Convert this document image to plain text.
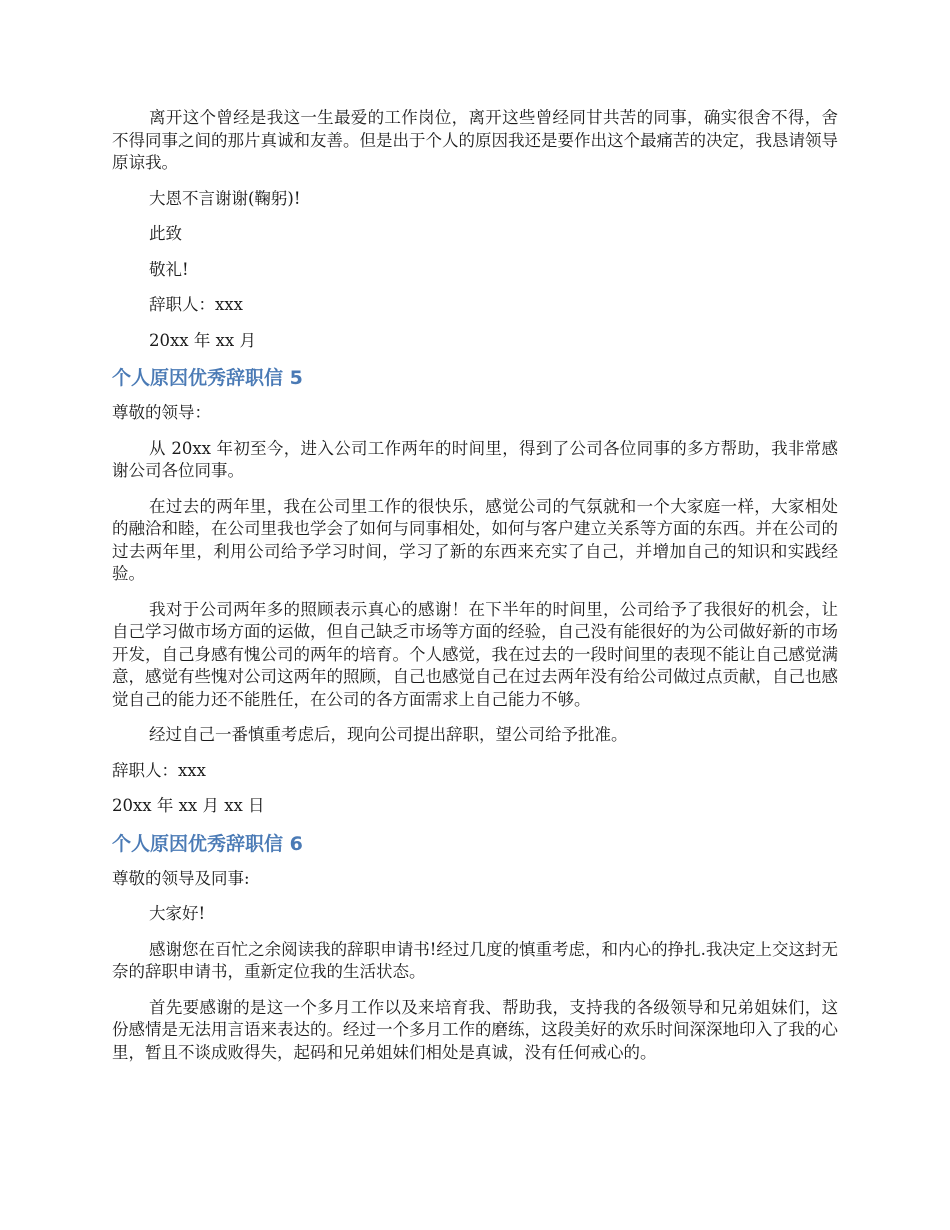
离开这个曾经是我这一生最爱的工作岗位，离开这些曾经同甘共苦的同事，确实很舍不得，舍不得同事之间的那片真诚和友善。但是出于个人的原因我还是要作出这个最痛苦的决定，我恳请领导原谅我。

大恩不言谢谢(鞠躬)!

此致

敬礼!

辞职人：xxx

20xx 年 xx 月

个人原因优秀辞职信 5

尊敬的领导：

从 20xx 年初至今，进入公司工作两年的时间里，得到了公司各位同事的多方帮助，我非常感谢公司各位同事。

在过去的两年里，我在公司里工作的很快乐，感觉公司的气氛就和一个大家庭一样，大家相处的融洽和睦，在公司里我也学会了如何与同事相处，如何与客户建立关系等方面的东西。并在公司的过去两年里，利用公司给予学习时间，学习了新的东西来充实了自己，并增加自己的知识和实践经验。

我对于公司两年多的照顾表示真心的感谢！在下半年的时间里，公司给予了我很好的机会，让自己学习做市场方面的运做，但自己缺乏市场等方面的经验，自己没有能很好的为公司做好新的市场开发，自己身感有愧公司的两年的培育。个人感觉，我在过去的一段时间里的表现不能让自己感觉满意，感觉有些愧对公司这两年的照顾，自己也感觉自己在过去两年没有给公司做过点贡献，自己也感觉自己的能力还不能胜任，在公司的各方面需求上自己能力不够。

经过自己一番慎重考虑后，现向公司提出辞职，望公司给予批准。

辞职人：xxx

20xx 年 xx 月 xx 日

个人原因优秀辞职信 6

尊敬的领导及同事:

大家好!

感谢您在百忙之余阅读我的辞职申请书!经过几度的慎重考虑，和内心的挣扎.我决定上交这封无奈的辞职申请书，重新定位我的生活状态。

首先要感谢的是这一个多月工作以及来培育我、帮助我，支持我的各级领导和兄弟姐妹们，这份感情是无法用言语来表达的。经过一个多月工作的磨练，这段美好的欢乐时间深深地印入了我的心里，暂且不谈成败得失，起码和兄弟姐妹们相处是真诚，没有任何戒心的。
